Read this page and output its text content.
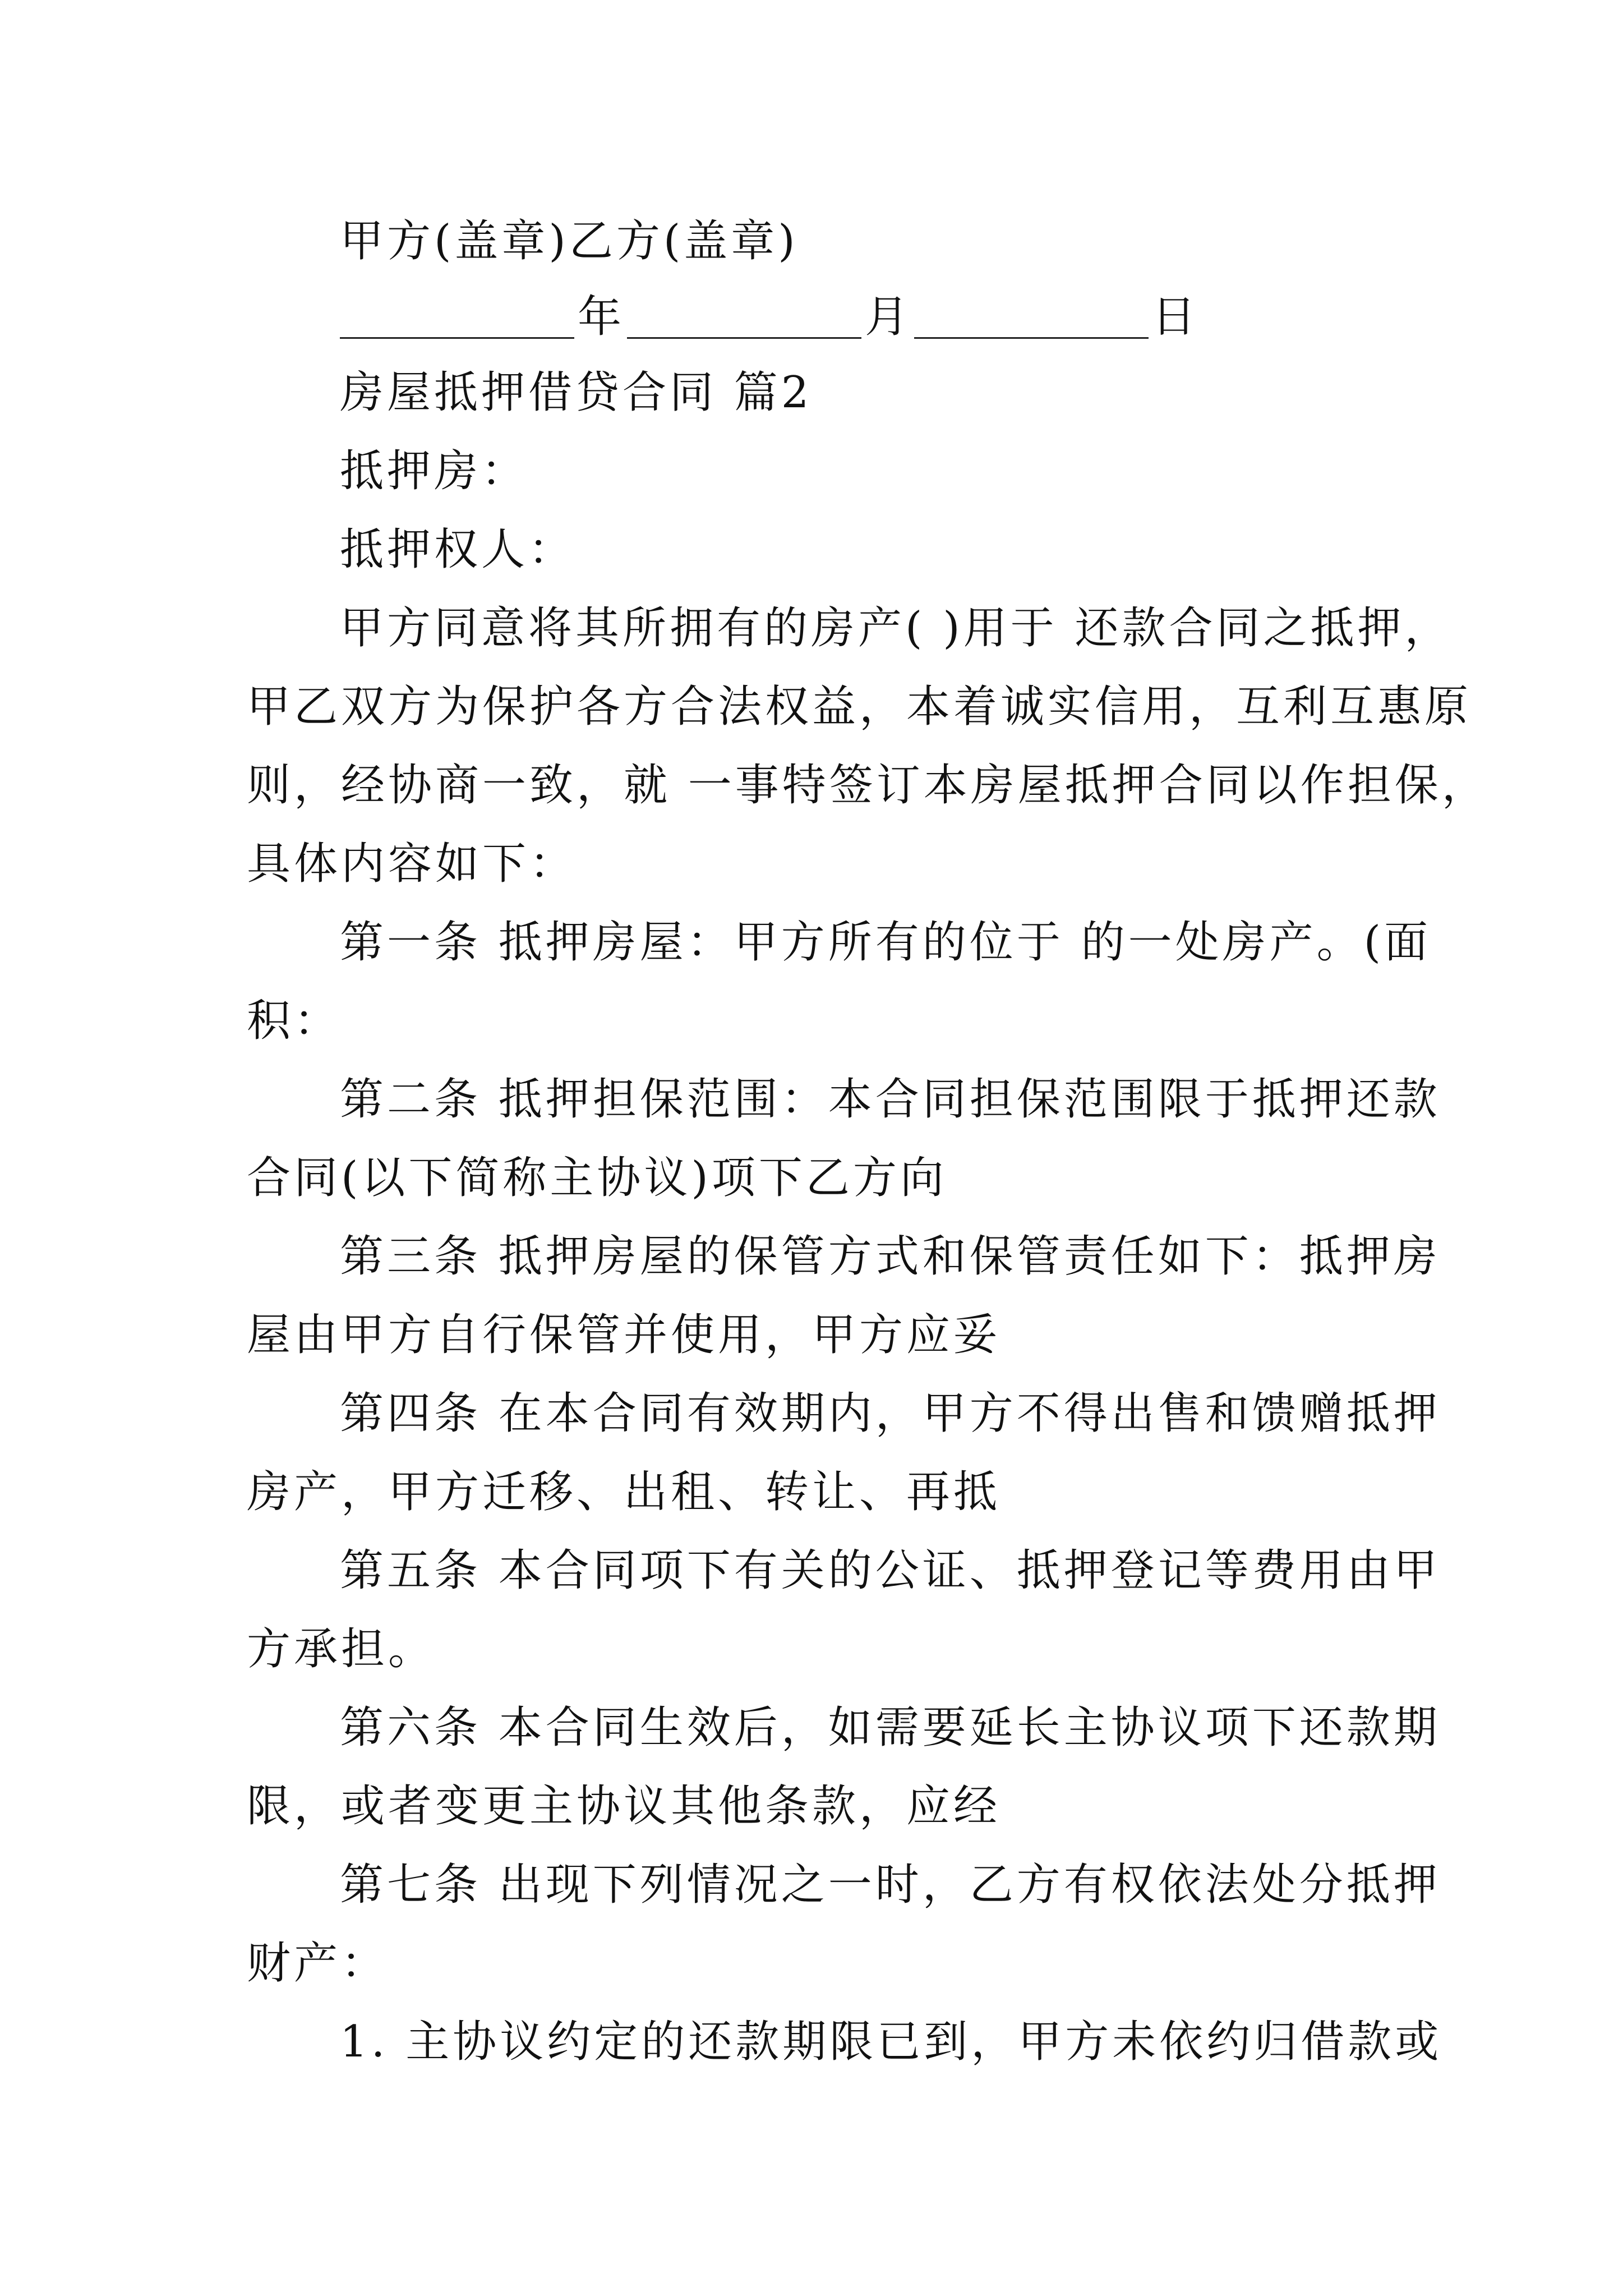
甲方(盖章)乙方(盖章)
年	月	日
房屋抵押借贷合同 篇2
抵押房：
抵押权人：
甲方同意将其所拥有的房产( )用于 还款合同之抵押，
甲乙双方为保护各方合法权益，本着诚实信用，互利互惠原
则，经协商一致，就 一事特签订本房屋抵押合同以作担保，
具体内容如下：
第一条 抵押房屋：甲方所有的位于 的一处房产。(面
积：
第二条 抵押担保范围：本合同担保范围限于抵押还款
合同(以下简称主协议)项下乙方向
第三条 抵押房屋的保管方式和保管责任如下：抵押房
屋由甲方自行保管并使用，甲方应妥
第四条 在本合同有效期内，甲方不得出售和馈赠抵押
房产，甲方迁移、出租、转让、再抵
第五条 本合同项下有关的公证、抵押登记等费用由甲
方承担。
第六条 本合同生效后，如需要延长主协议项下还款期
限，或者变更主协议其他条款，应经
第七条 出现下列情况之一时，乙方有权依法处分抵押
财产：
1. 主协议约定的还款期限已到，甲方未依约归借款或
